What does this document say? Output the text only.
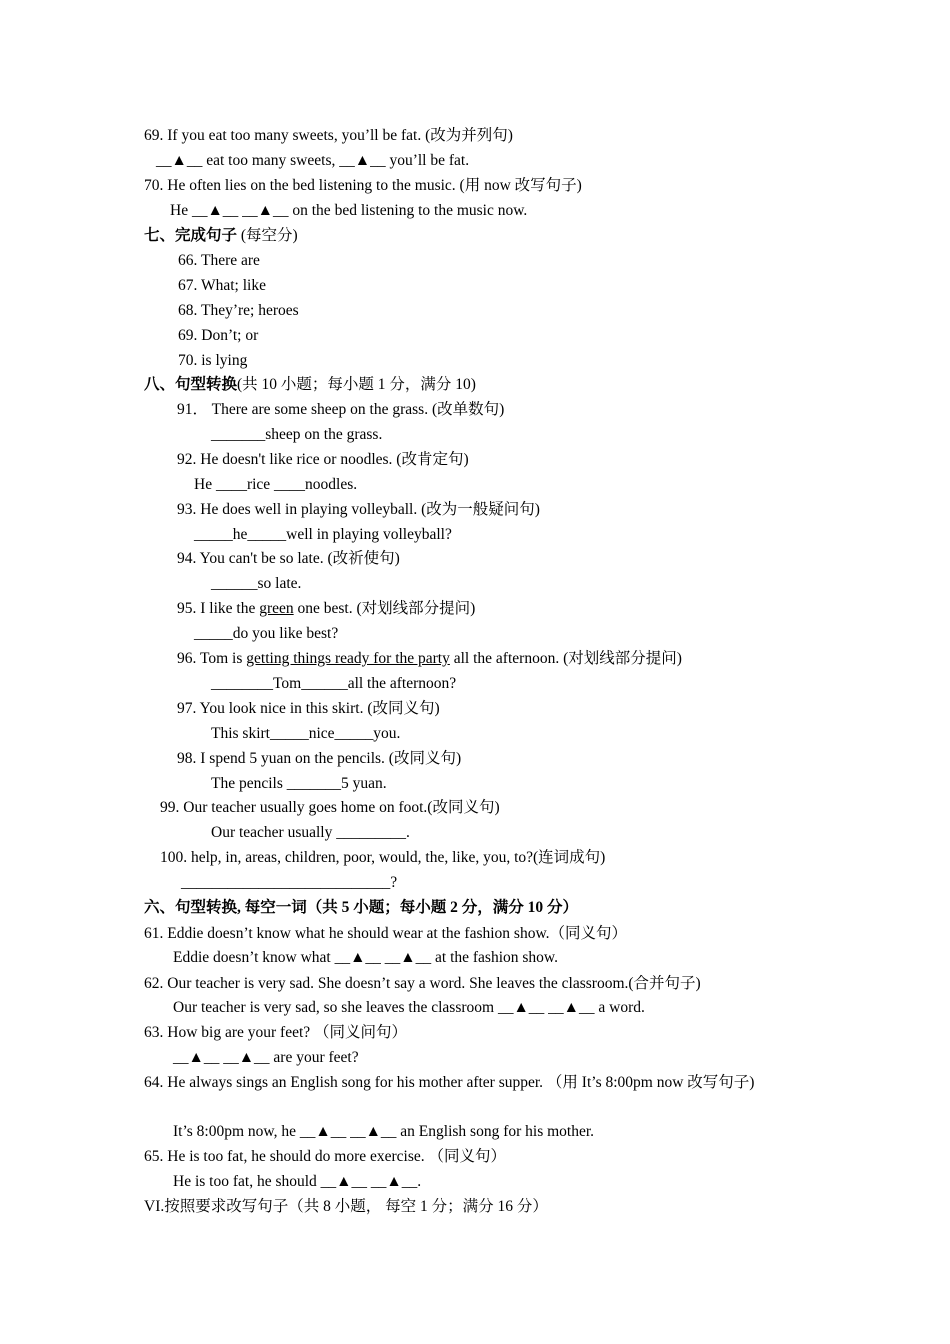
69. If you eat too many sweets, you’ll be fat. (改为并列句)
__▲__ eat too many sweets, __▲__ you’ll be fat.
70. He often lies on the bed listening to the music. (用 now 改写句子)
He __▲__ __▲__ on the bed listening to the music now.
七、完成句子 (每空分)
66. There are
67. What; like
68. They’re; heroes
69. Don’t; or
70. is lying
八、句型转换(共 10 小题；每小题 1 分，满分 10)
91． There are some sheep on the grass. (改单数句)
_______sheep on the grass.
92. He doesn't like rice or noodles. (改肯定句)
He ____rice ____noodles.
93. He does well in playing volleyball. (改为一般疑问句)
_____he_____well in playing volleyball?
94. You can't be so late. (改祈使句)
______so late.
95. I like the green one best. (对划线部分提问)
_____do you like best?
96. Tom is getting things ready for the party all the afternoon. (对划线部分提问)
________Tom______all the afternoon?
97. You look nice in this skirt. (改同义句)
This skirt_____nice_____you.
98. I spend 5 yuan on the pencils. (改同义句)
The pencils _______5 yuan.
99. Our teacher usually goes home on foot.(改同义句)
Our teacher usually _________.
100. help, in, areas, children, poor, would, the, like, you, to?(连词成句)
___________________________?
六、句型转换, 每空一词（共 5 小题；每小题 2 分，满分 10 分）
61. Eddie doesn’t know what he should wear at the fashion show.（同义句）
Eddie doesn’t know what __▲__ __▲__ at the fashion show.
62. Our teacher is very sad. She doesn’t say a word. She leaves the classroom.(合并句子)
Our teacher is very sad, so she leaves the classroom __▲__ __▲__ a word.
63. How big are your feet? （同义问句）
__▲__ __▲__ are your feet?
64. He always sings an English song for his mother after supper. （用 It’s 8:00pm now 改写句子)
It’s 8:00pm now, he __▲__ __▲__ an English song for his mother.
65. He is too fat, he should do more exercise. （同义句）
He is too fat, he should __▲__ __▲__.
VI.按照要求改写句子（共 8 小题， 每空 1 分；满分 16 分）
